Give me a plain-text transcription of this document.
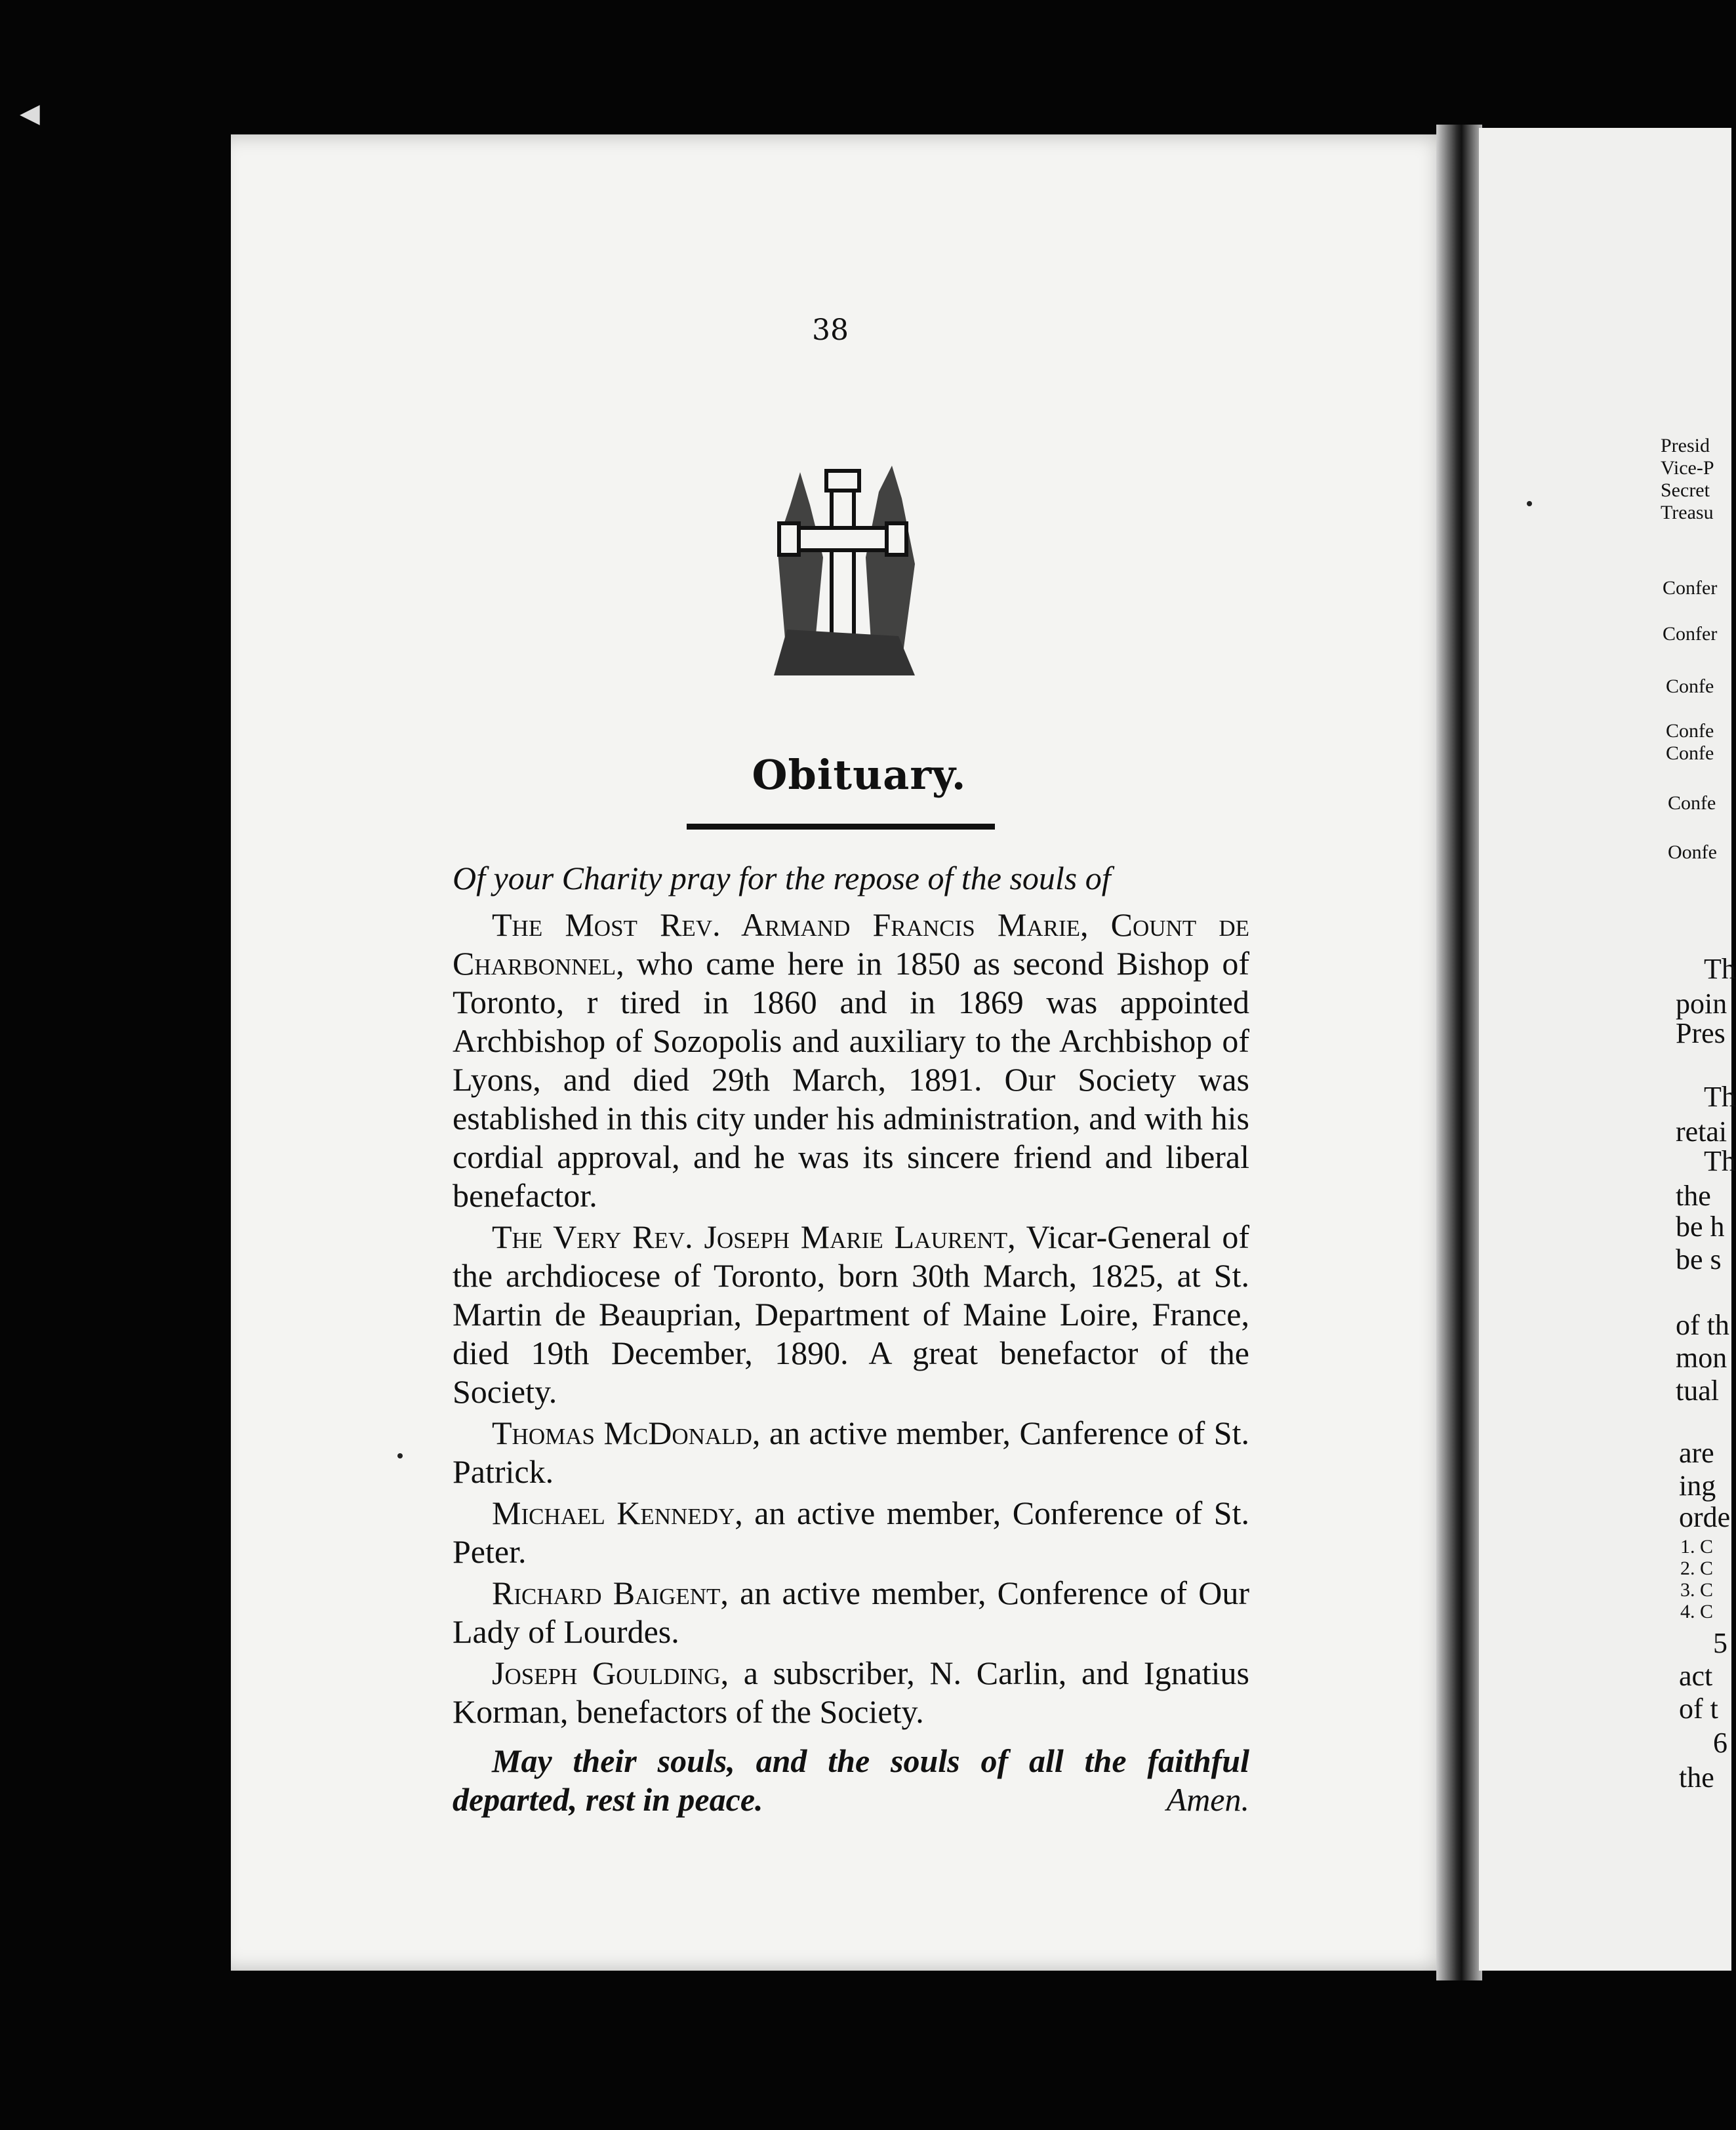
◀
38
Obituary.

Of your Charity pray for the repose of the souls of

The Most Rev. Armand Francis Marie, Count de Charbonnel, who came here in 1850 as second Bishop of Toronto, r tired in 1860 and in 1869 was appointed Archbishop of Sozopolis and auxiliary to the Archbishop of Lyons, and died 29th March, 1891. Our Society was established in this city under his administration, and with his cordial approval, and he was its sincere friend and liberal benefactor.

The Very Rev. Joseph Marie Laurent, Vicar-General of the archdiocese of Toronto, born 30th March, 1825, at St. Martin de Beauprian, Department of Maine Loire, France, died 19th December, 1890. A great benefactor of the Society.

Thomas McDonald, an active member, Canference of St. Patrick.

Michael Kennedy, an active member, Conference of St. Peter.

Richard Baigent, an active member, Conference of Our Lady of Lourdes.

Joseph Goulding, a subscriber, N. Carlin, and Ignatius Korman, benefactors of the Society.

May their souls, and the souls of all the faithful departed, rest in peace.	Amen.

Presid
Vice-P
Secret
Treasu
Confer
Confer
Confe
Confe
Confe
Confe
Oonfe
Th
poin
Pres
Th
retai
Th
the
be h
be s
of th
mon
tual
are
ing
orde
1. C
2. C
3. C
4. C
5
act
of t
6
the
